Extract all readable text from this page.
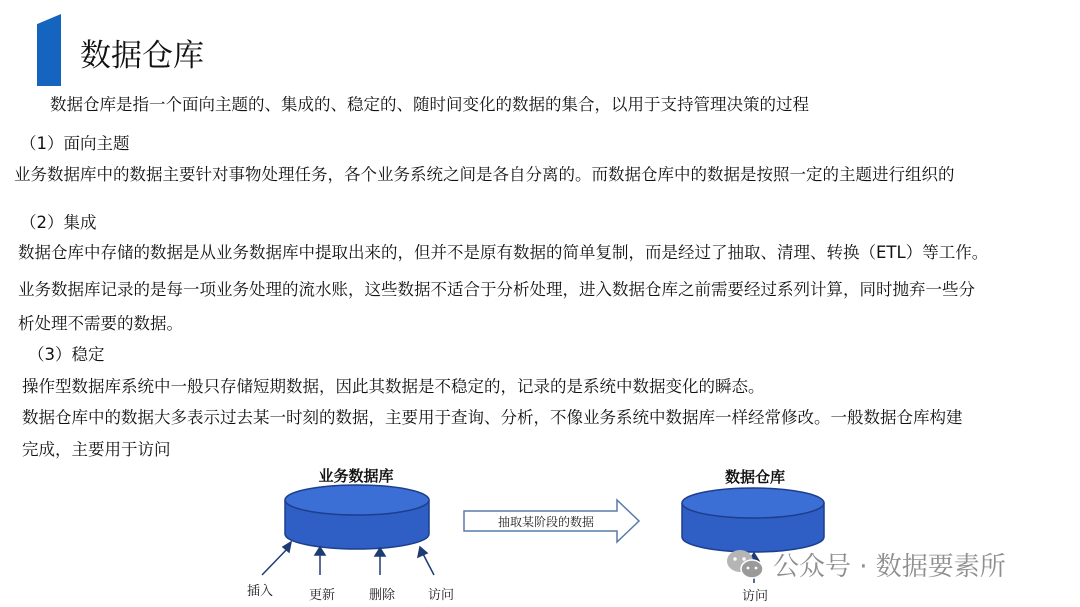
数据仓库
数据仓库是指一个面向主题的、集成的、稳定的、随时间变化的数据的集合，以用于支持管理决策的过程
（1）面向主题
业务数据库中的数据主要针对事物处理任务，各个业务系统之间是各自分离的。而数据仓库中的数据是按照一定的主题进行组织的
（2）集成
数据仓库中存储的数据是从业务数据库中提取出来的，但并不是原有数据的简单复制，而是经过了抽取、清理、转换（ETL）等工作。
业务数据库记录的是每一项业务处理的流水账，这些数据不适合于分析处理，进入数据仓库之前需要经过系列计算，同时抛弃一些分
析处理不需要的数据。
（3）稳定
操作型数据库系统中一般只存储短期数据，因此其数据是不稳定的，记录的是系统中数据变化的瞬态。
数据仓库中的数据大多表示过去某一时刻的数据，主要用于查询、分析，不像业务系统中数据库一样经常修改。一般数据仓库构建
完成，主要用于访问
业务数据库
插入	更新	删除	访问
抽取某阶段的数据
数据仓库
访问
公众号 · 数据要素所
